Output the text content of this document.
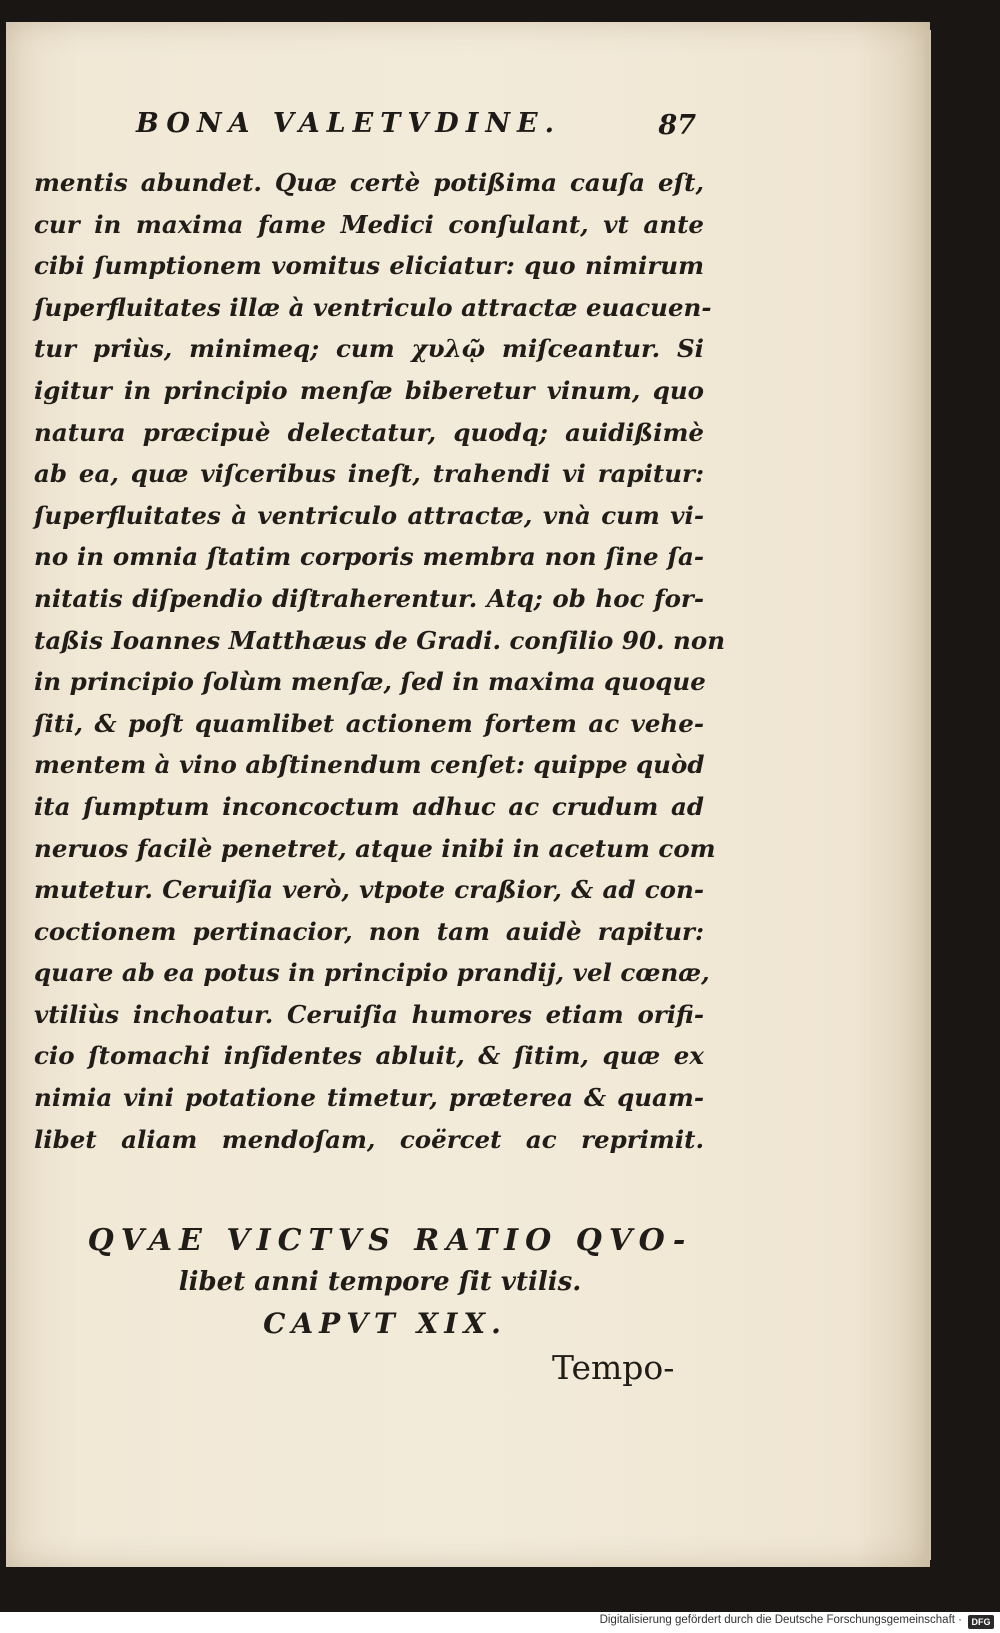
BONA VALETVDINE.	87
mentis abundet. Quæ certè potißima cauſa eſt,
cur in maxima fame Medici conſulant, vt ante
cibi ſumptionem vomitus eliciatur: quo nimirum
ſuperfluitates illæ à ventriculo attractæ euacuen-
tur priùs, minimeq; cum χυλῷ miſceantur. Si
igitur in principio menſæ biberetur vinum, quo
natura præcipuè delectatur, quodq; auidißimè
ab ea, quæ viſceribus ineſt, trahendi vi rapitur:
ſuperfluitates à ventriculo attractæ, vnà cum vi-
no in omnia ſtatim corporis membra non ſine ſa-
nitatis diſpendio diſtraherentur. Atq; ob hoc for-
taßis Ioannes Matthæus de Gradi. conſilio 90. non
in principio ſolùm menſæ, ſed in maxima quoque
ſiti, & poſt quamlibet actionem fortem ac vehe-
mentem à vino abſtinendum cenſet: quippe quòd
ita ſumptum inconcoctum adhuc ac crudum ad
neruos facilè penetret, atque inibi in acetum com
mutetur. Ceruiſia verò, vtpote craßior, & ad con-
coctionem pertinacior, non tam auidè rapitur:
quare ab ea potus in principio prandij, vel cœnæ,
vtiliùs inchoatur. Ceruiſia humores etiam orifi-
cio ſtomachi inſidentes abluit, & ſitim, quæ ex
nimia vini potatione timetur, præterea & quam-
libet aliam mendoſam, coërcet ac reprimit.
QVAE VICTVS RATIO QVO-
libet anni tempore ſit vtilis.
CAPVT XIX.
Tempo-
Digitalisierung gefördert durch die Deutsche Forschungsgemeinschaft ·	DFG
